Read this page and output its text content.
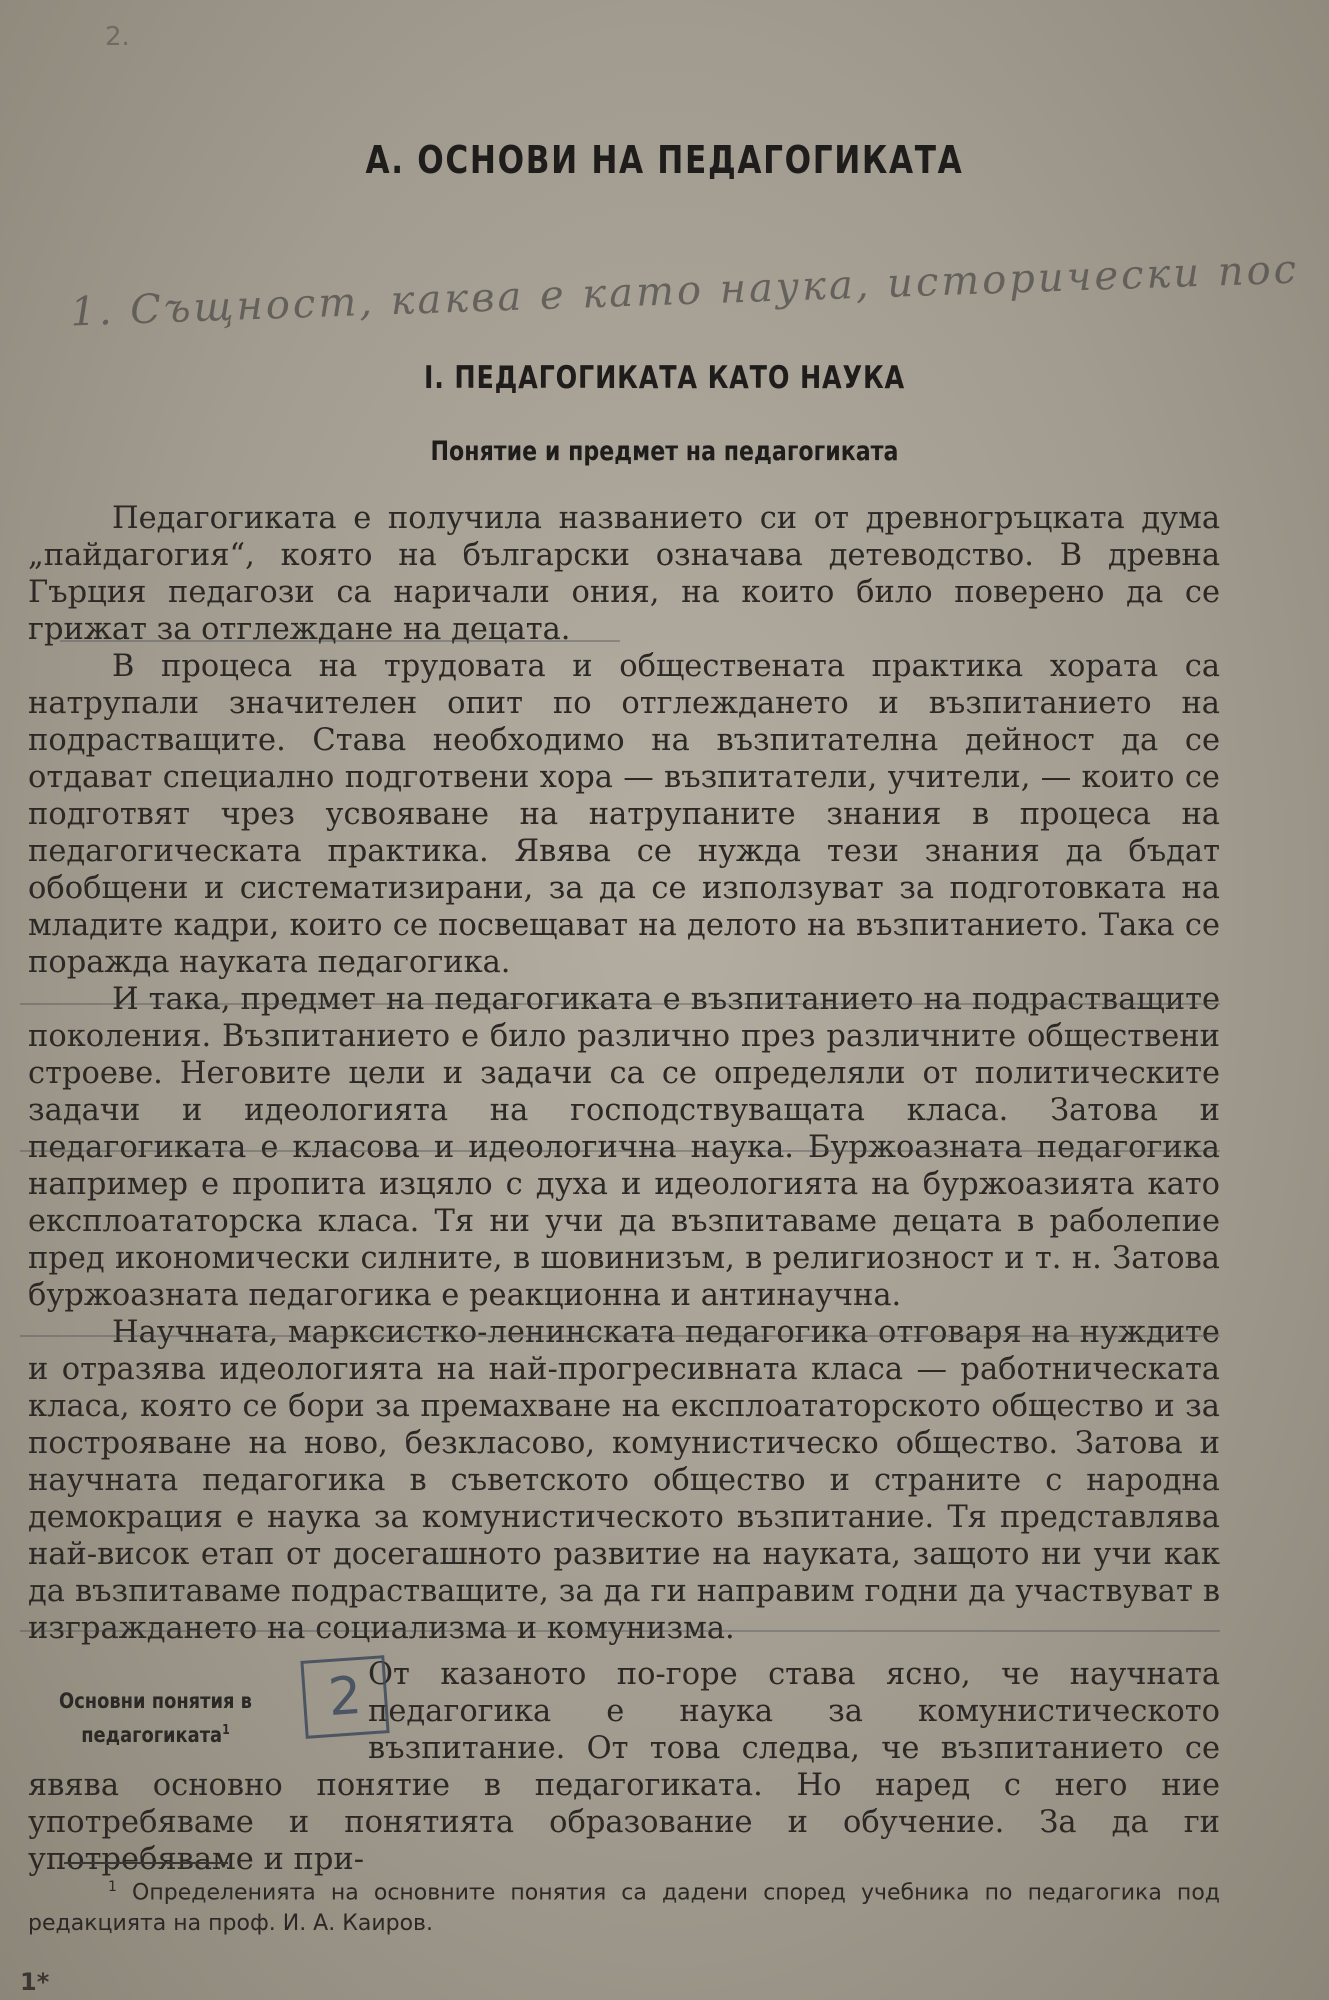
2.
А. ОСНОВИ НА ПЕДАГОГИКАТА
1. Същност, каква е като наука, исторически пос
I. ПЕДАГОГИКАТА КАТО НАУКА
Понятие и предмет на педагогиката

Педагогиката е получила названието си от древногръцката дума „пайдагогия“, която на български означава детеводство. В древна Гърция педагози са наричали ония, на които било поверено да се грижат за отглеждане на децата.

В процеса на трудовата и обществената практика хората са натрупали значителен опит по отглеждането и възпитанието на подрастващите. Става необходимо на възпитателна дейност да се отдават специално подготвени хора — възпитатели, учители, — които се подготвят чрез усвояване на натрупаните знания в процеса на педагогическата практика. Явява се нужда тези знания да бъдат обобщени и систематизирани, за да се използуват за подготовката на младите кадри, които се посвещават на делото на възпитанието. Така се поражда науката педагогика.

И така, предмет на педагогиката е възпитанието на подрастващите поколения. Възпитанието е било различно през различните обществени строеве. Неговите цели и задачи са се определяли от политическите задачи и идеологията на господствуващата класа. Затова и педагогиката е класова и идеологична наука. Буржоазната педагогика например е пропита изцяло с духа и идеологията на буржоазията като експлоататорска класа. Тя ни учи да възпитаваме децата в раболепие пред икономически силните, в шовинизъм, в религиозност и т. н. Затова буржоазната педагогика е реакционна и антинаучна.

Научната, марксистко-ленинската педагогика отговаря на нуждите и отразява идеологията на най-прогресивната класа — работническата класа, която се бори за премахване на експлоататорското общество и за построяване на ново, безкласово, комунистическо общество. Затова и научната педагогика в съветското общество и страните с народна демокрация е наука за комунистическото възпитание. Тя представлява най-висок етап от досегашното развитие на науката, защото ни учи как да възпитаваме подрастващите, за да ги направим годни да участвуват в изграждането на социализма и комунизма.

Основни понятия в педагогиката$^1$
2 От казаното по-горе става ясно, че научната педагогика е наука за комунистическото възпитание. От това следва, че възпитанието се явява основно понятие в педагогиката. Но наред с него ние употребяваме и понятията образование и обучение. За да ги употребяваме и при-

$^1$ Определенията на основните понятия са дадени според учебника по педагогика под редакцията на проф. И. А. Каиров.
1*
